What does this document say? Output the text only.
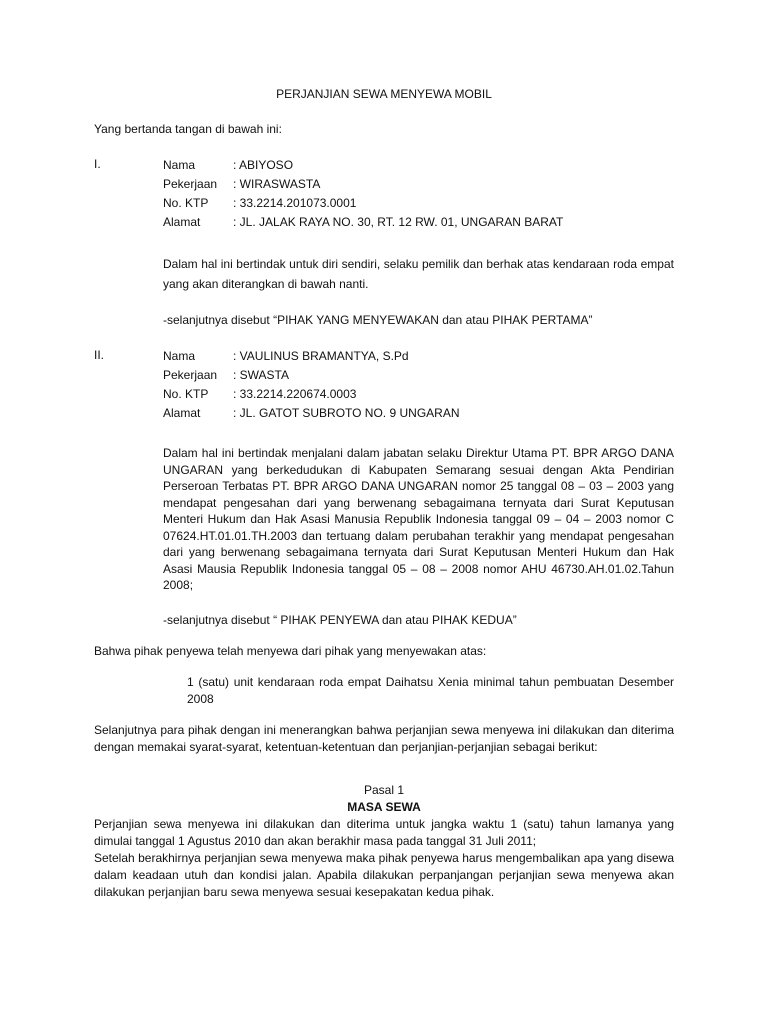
PERJANJIAN SEWA MENYEWA MOBIL

Yang bertanda tangan di bawah ini:

I.	Nama	: ABIYOSO
Pekerjaan	: WIRASWASTA
No. KTP	: 33.2214.201073.0001
Alamat	: JL. JALAK RAYA NO. 30, RT. 12 RW. 01, UNGARAN BARAT

Dalam hal ini bertindak untuk diri sendiri, selaku pemilik dan berhak atas kendaraan roda empat yang akan diterangkan di bawah nanti.

-selanjutnya disebut “PIHAK YANG MENYEWAKAN dan atau PIHAK PERTAMA”

II.	Nama	: VAULINUS BRAMANTYA, S.Pd
Pekerjaan	: SWASTA
No. KTP	: 33.2214.220674.0003
Alamat	: JL. GATOT SUBROTO NO. 9 UNGARAN

Dalam hal ini bertindak menjalani dalam jabatan selaku Direktur Utama PT. BPR ARGO DANA UNGARAN yang berkedudukan di Kabupaten Semarang sesuai dengan Akta Pendirian Perseroan Terbatas PT. BPR ARGO DANA UNGARAN nomor 25 tanggal 08 – 03 – 2003 yang mendapat pengesahan dari yang berwenang sebagaimana ternyata dari Surat Keputusan Menteri Hukum dan Hak Asasi Manusia Republik Indonesia tanggal 09 – 04 – 2003 nomor C 07624.HT.01.01.TH.2003 dan tertuang dalam perubahan terakhir yang mendapat pengesahan dari yang berwenang sebagaimana ternyata dari Surat Keputusan Menteri Hukum dan Hak Asasi Mausia Republik Indonesia tanggal 05 – 08 – 2008 nomor AHU 46730.AH.01.02.Tahun 2008;

-selanjutnya disebut “ PIHAK PENYEWA dan atau PIHAK KEDUA”

Bahwa pihak penyewa telah menyewa dari pihak yang menyewakan atas:

1 (satu) unit kendaraan roda empat Daihatsu Xenia minimal tahun pembuatan Desember 2008

Selanjutnya para pihak dengan ini menerangkan bahwa perjanjian sewa menyewa ini dilakukan dan diterima dengan memakai syarat-syarat, ketentuan-ketentuan dan perjanjian-perjanjian sebagai berikut:

Pasal 1

MASA SEWA

Perjanjian sewa menyewa ini dilakukan dan diterima untuk jangka waktu 1 (satu) tahun lamanya yang dimulai tanggal 1 Agustus 2010 dan akan berakhir masa pada tanggal 31 Juli 2011;

Setelah berakhirnya perjanjian sewa menyewa maka pihak penyewa harus mengembalikan apa yang disewa dalam keadaan utuh dan kondisi jalan. Apabila dilakukan perpanjangan perjanjian sewa menyewa akan dilakukan perjanjian baru sewa menyewa sesuai kesepakatan kedua pihak.
